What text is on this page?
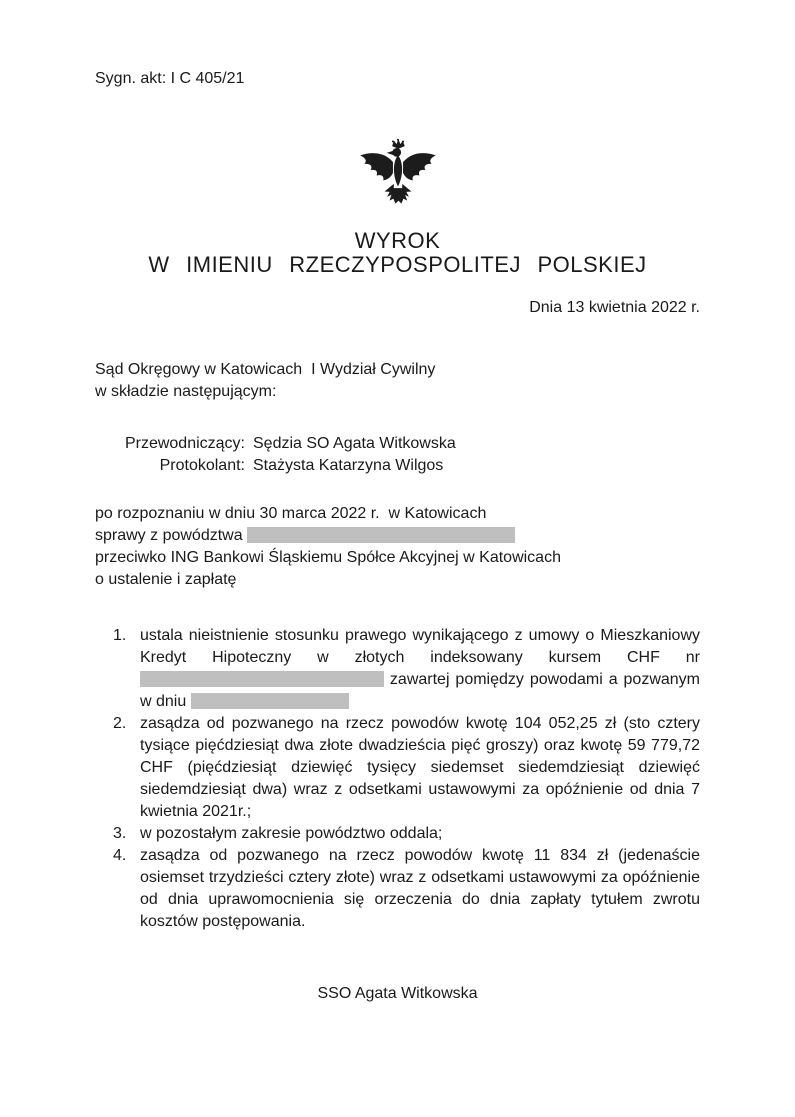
Sygn. akt: I C 405/21

WYROK
W IMIENIU RZECZYPOSPOLITEJ POLSKIEJ
Dnia 13 kwietnia 2022 r.
Sąd Okręgowy w Katowicach  I Wydział Cywilny
w składzie następującym:
Przewodniczący: Sędzia SO Agata Witkowska
Protokolant: Stażysta Katarzyna Wilgos
po rozpoznaniu w dniu 30 marca 2022 r.  w Katowicach
sprawy z powództwa
przeciwko ING Bankowi Śląskiemu Spółce Akcyjnej w Katowicach
o ustalenie i zapłatę
1. ustala nieistnienie stosunku prawego wynikającego z umowy o Mieszkaniowy Kredyt Hipoteczny w złotych indeksowany kursem CHF nr  zawartej pomiędzy powodami a pozwanym w dniu
2. zasądza od pozwanego na rzecz powodów kwotę 104 052,25 zł (sto cztery tysiące pięćdziesiąt dwa złote dwadzieścia pięć groszy) oraz kwotę 59 779,72 CHF (pięćdziesiąt dziewięć tysięcy siedemset siedemdziesiąt dziewięć siedemdziesiąt dwa) wraz z odsetkami ustawowymi za opóźnienie od dnia 7 kwietnia 2021r.;
3. w pozostałym zakresie powództwo oddala;
4. zasądza od pozwanego na rzecz powodów kwotę 11 834 zł (jedenaście osiemset trzydzieści cztery złote) wraz z odsetkami ustawowymi za opóźnienie od dnia uprawomocnienia się orzeczenia do dnia zapłaty tytułem zwrotu kosztów postępowania.
SSO Agata Witkowska
